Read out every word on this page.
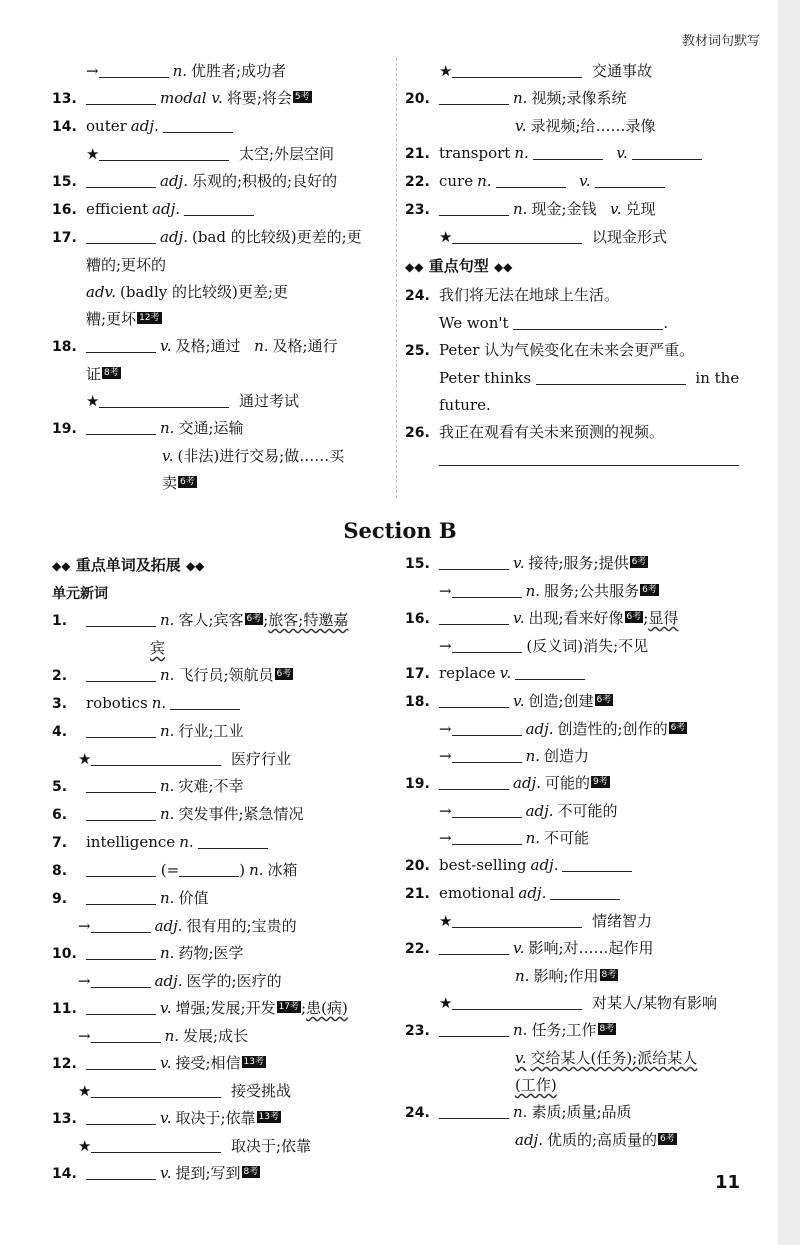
教材词句默写
→	n. 优胜者;成功者
13.	modal v. 将要;将会 5考
14. outer adj.
★	太空;外层空间
15.	adj. 乐观的;积极的;良好的
16. efficient adj.
17.	adj. (bad 的比较级)更差的;更
糟的;更坏的
adv. (badly 的比较级)更差;更
糟;更坏 12考
18.	v. 及格;通过 n. 及格;通行
证 8考
★	通过考试
19.	n. 交通;运输
v. (非法)进行交易;做……买
卖 6考
★	交通事故
20.	n. 视频;录像系统
v. 录视频;给……录像
21. transport n.	v.
22. cure n.	v.
23.	n. 现金;金钱 v. 兑现
★	以现金形式
◆◆ 重点句型 ◆◆
24. 我们将无法在地球上生活。
We won't	.
25. Peter 认为气候变化在未来会更严重。
Peter thinks	in the
future.
26. 我正在观看有关未来预测的视频。
Section B
◆◆ 重点单词及拓展 ◆◆
单元新词
1.	n. 客人;宾客 6考 ;旅客;特邀嘉
宾
2.	n. 飞行员;领航员 6考
3. robotics n.
4.	n. 行业;工业
★	医疗行业
5.	n. 灾难;不幸
6.	n. 突发事件;紧急情况
7. intelligence n.
8.	(=	) n. 冰箱
9.	n. 价值
→	adj. 很有用的;宝贵的
10.	n. 药物;医学
→	adj. 医学的;医疗的
11.	v. 增强;发展;开发 17考 ;患(病)
→	n. 发展;成长
12.	v. 接受;相信 13考
★	接受挑战
13.	v. 取决于;依靠 13考
★	取决于;依靠
14.	v. 提到;写到 8考
15.	v. 接待;服务;提供 6考
→	n. 服务;公共服务 6考
16.	v. 出现;看来好像 6考 ;显得
→	(反义词)消失;不见
17. replace v.
18.	v. 创造;创建 6考
→	adj. 创造性的;创作的 6考
→	n. 创造力
19.	adj. 可能的 9考
→	adj. 不可能的
→	n. 不可能
20. best-selling adj.
21. emotional adj.
★	情绪智力
22.	v. 影响;对……起作用
n. 影响;作用 8考
★	对某人/某物有影响
23.	n. 任务;工作 8考
v. 交给某人(任务);派给某人
(工作)
24.	n. 素质;质量;品质
adj. 优质的;高质量的 6考
11
